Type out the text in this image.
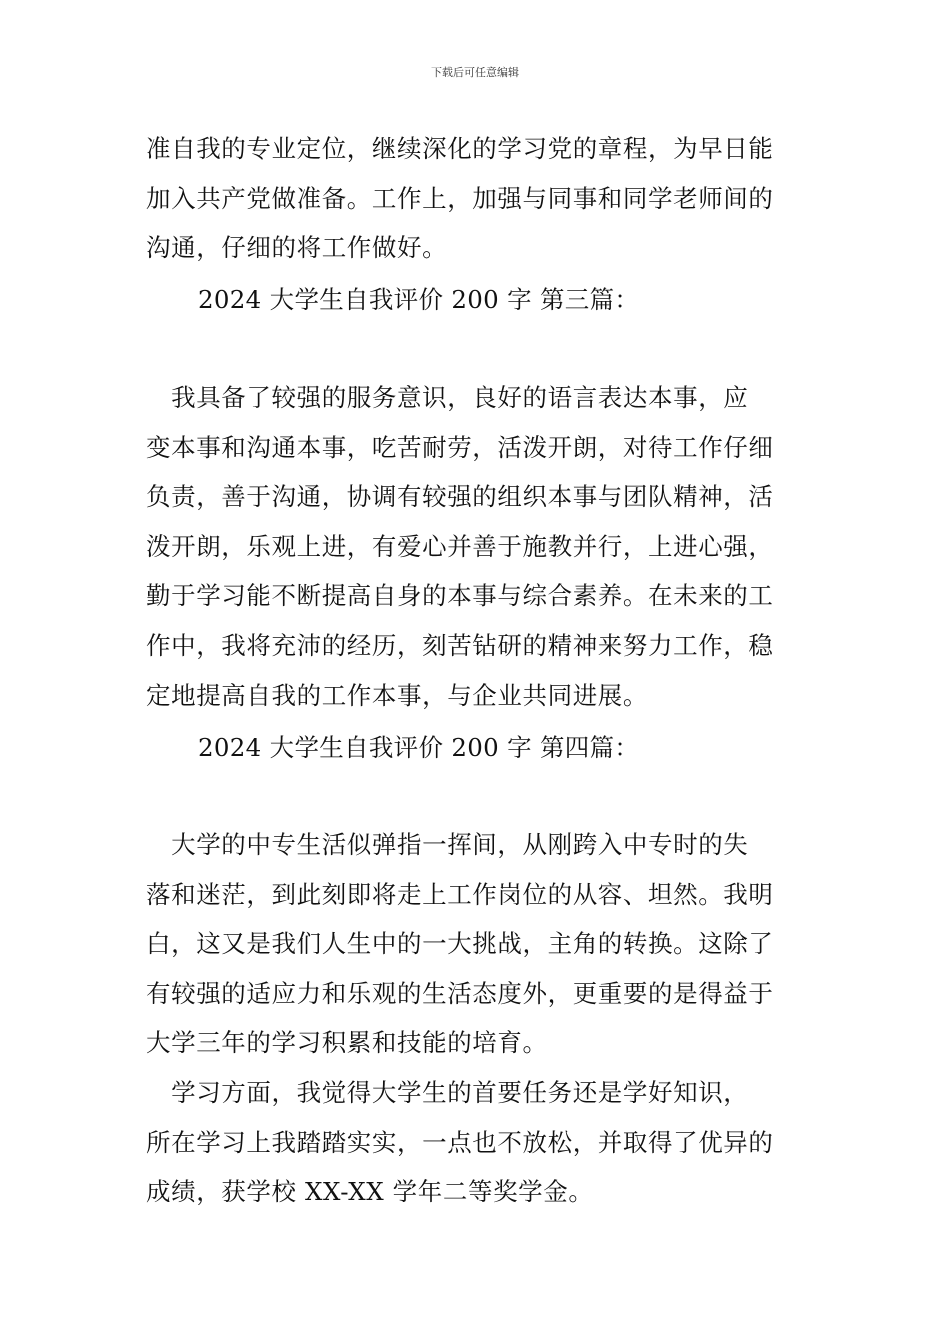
下载后可任意编辑

准自我的专业定位，继续深化的学习党的章程，为早日能

加入共产党做准备。工作上，加强与同事和同学老师间的

沟通，仔细的将工作做好。

2024 大学生自我评价 200 字 第三篇：

　我具备了较强的服务意识，良好的语言表达本事，应

变本事和沟通本事，吃苦耐劳，活泼开朗，对待工作仔细

负责，善于沟通，协调有较强的组织本事与团队精神，活

泼开朗，乐观上进，有爱心并善于施教并行，上进心强，

勤于学习能不断提高自身的本事与综合素养。在未来的工

作中，我将充沛的经历，刻苦钻研的精神来努力工作，稳

定地提高自我的工作本事，与企业共同进展。

2024 大学生自我评价 200 字 第四篇：

　大学的中专生活似弹指一挥间，从刚跨入中专时的失

落和迷茫，到此刻即将走上工作岗位的从容、坦然。我明

白，这又是我们人生中的一大挑战，主角的转换。这除了

有较强的适应力和乐观的生活态度外，更重要的是得益于

大学三年的学习积累和技能的培育。

　学习方面，我觉得大学生的首要任务还是学好知识，

所在学习上我踏踏实实，一点也不放松，并取得了优异的

成绩，获学校 XX-XX 学年二等奖学金。
